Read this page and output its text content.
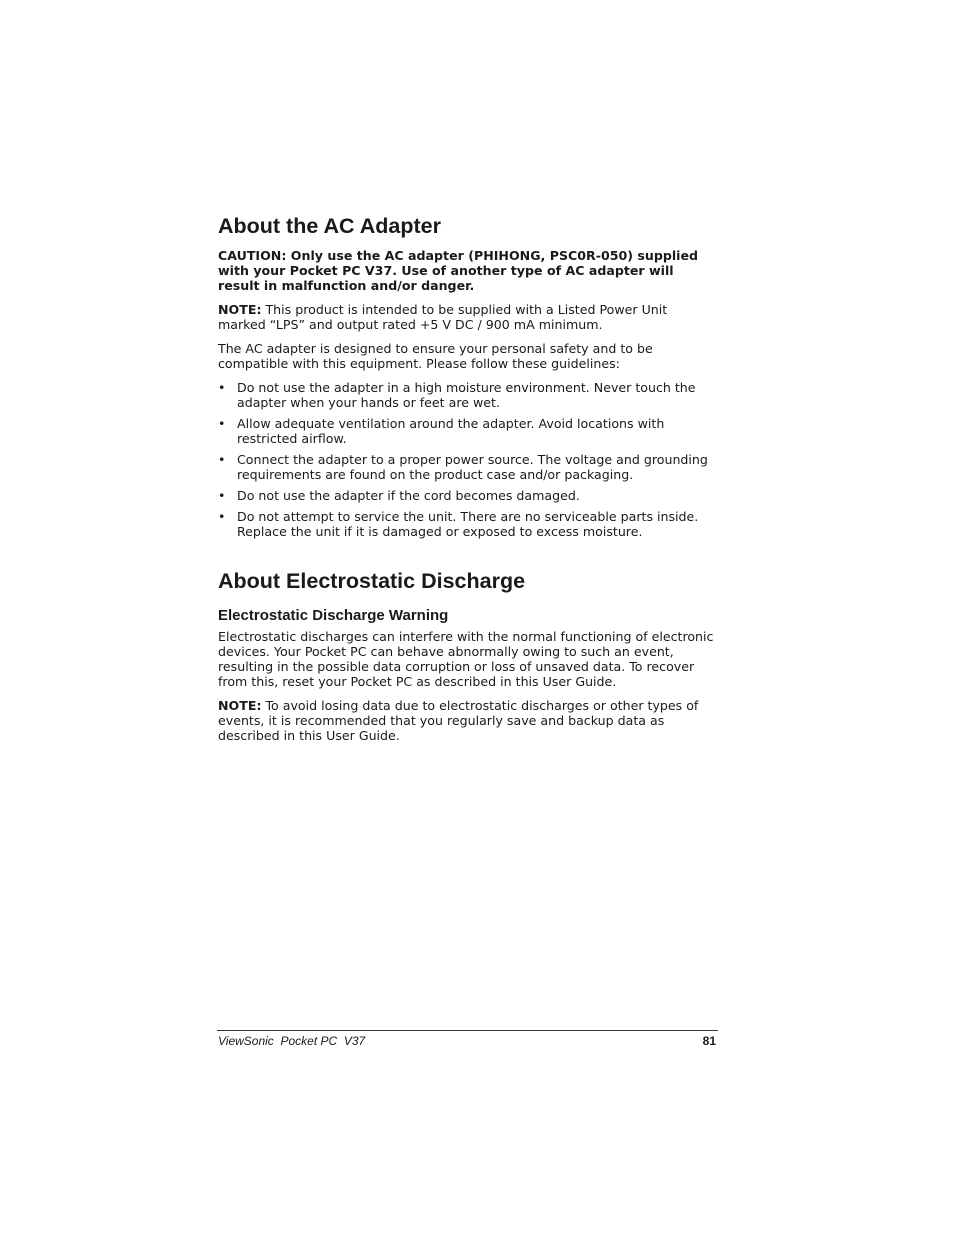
About the AC Adapter

CAUTION: Only use the AC adapter (PHIHONG, PSC0R-050) supplied with your Pocket PC V37. Use of another type of AC adapter will result in malfunction and/or danger.

NOTE: This product is intended to be supplied with a Listed Power Unit marked “LPS” and output rated +5 V DC / 900 mA minimum.

The AC adapter is designed to ensure your personal safety and to be compatible with this equipment. Please follow these guidelines:

• Do not use the adapter in a high moisture environment. Never touch the adapter when your hands or feet are wet.
• Allow adequate ventilation around the adapter. Avoid locations with restricted airflow.
• Connect the adapter to a proper power source. The voltage and grounding requirements are found on the product case and/or packaging.
• Do not use the adapter if the cord becomes damaged.
• Do not attempt to service the unit. There are no serviceable parts inside. Replace the unit if it is damaged or exposed to excess moisture.
About Electrostatic Discharge
Electrostatic Discharge Warning

Electrostatic discharges can interfere with the normal functioning of electronic devices. Your Pocket PC can behave abnormally owing to such an event, resulting in the possible data corruption or loss of unsaved data. To recover from this, reset your Pocket PC as described in this User Guide.

NOTE: To avoid losing data due to electrostatic discharges or other types of events, it is recommended that you regularly save and backup data as described in this User Guide.

ViewSonic  Pocket PC  V37	81
